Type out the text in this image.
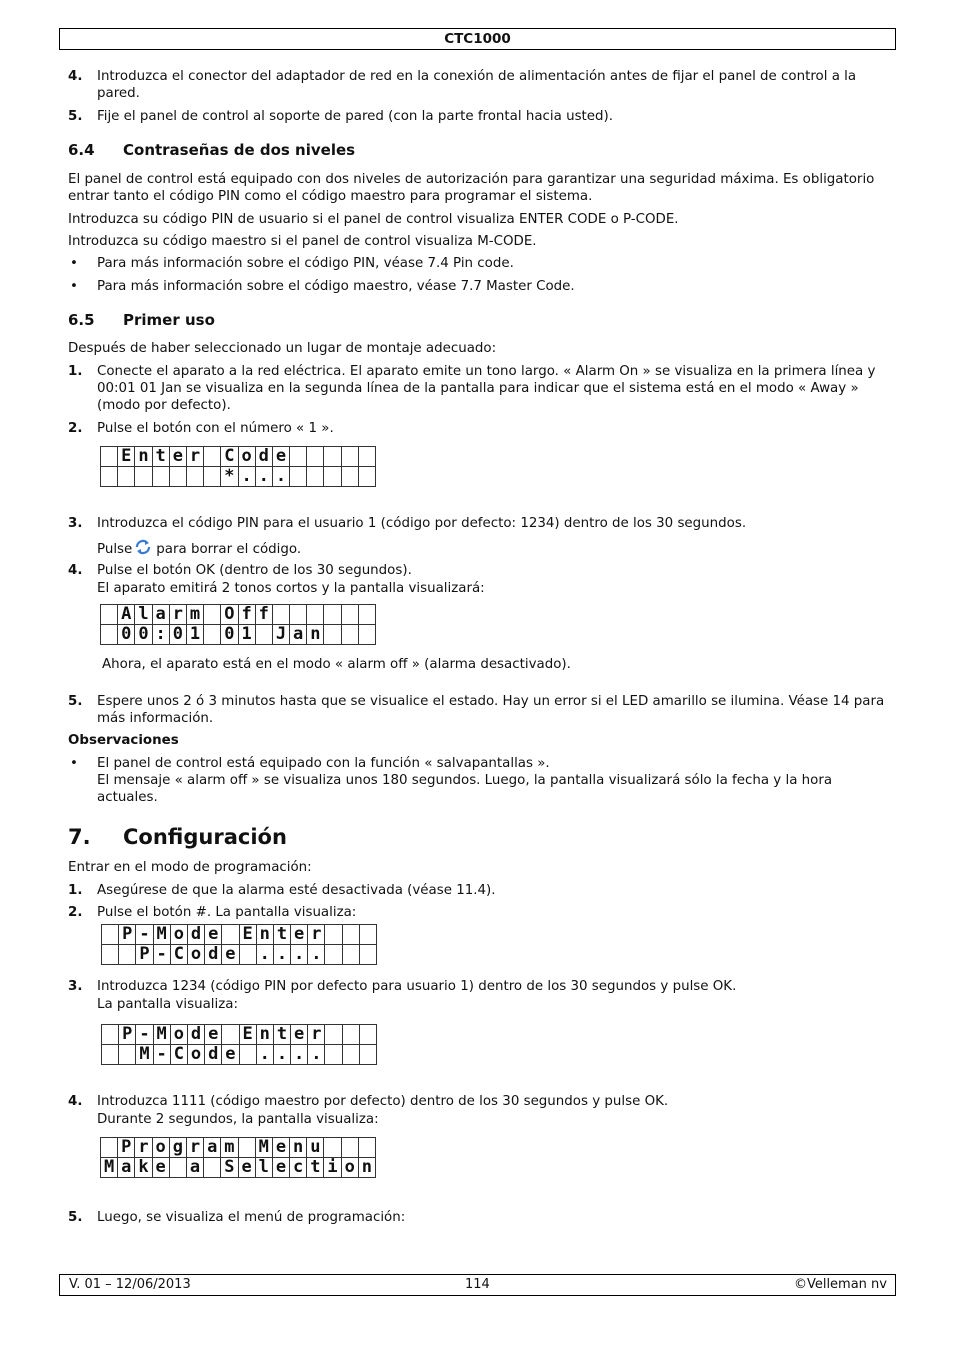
CTC1000
4. Introduzca el conector del adaptador de red en la conexión de alimentación antes de fijar el panel de control a la pared.
5. Fije el panel de control al soporte de pared (con la parte frontal hacia usted).
6.4 Contraseñas de dos niveles
El panel de control está equipado con dos niveles de autorización para garantizar una seguridad máxima. Es obligatorio entrar tanto el código PIN como el código maestro para programar el sistema.
Introduzca su código PIN de usuario si el panel de control visualiza ENTER CODE o P-CODE.
Introduzca su código maestro si el panel de control visualiza M-CODE.
• Para más información sobre el código PIN, véase 7.4 Pin code.
• Para más información sobre el código maestro, véase 7.7 Master Code.
6.5 Primer uso
Después de haber seleccionado un lugar de montaje adecuado:
1. Conecte el aparato a la red eléctrica. El aparato emite un tono largo. « Alarm On » se visualiza en la primera línea y 00:01 01 Jan se visualiza en la segunda línea de la pantalla para indicar que el sistema está en el modo « Away » (modo por defecto).
2. Pulse el botón con el número « 1 ».
	E	n	t	e	r		C	o	d	e					
							*	.	.	.					
3. Introduzca el código PIN para el usuario 1 (código por defecto: 1234) dentro de los 30 segundos.
Pulse para borrar el código.
4. Pulse el botón OK (dentro de los 30 segundos).
El aparato emitirá 2 tonos cortos y la pantalla visualizará:
	A	l	a	r	m		O	f	f						
	0	0	:	0	1		0	1		J	a	n			
Ahora, el aparato está en el modo « alarm off » (alarma desactivado).
5. Espere unos 2 ó 3 minutos hasta que se visualice el estado. Hay un error si el LED amarillo se ilumina. Véase 14 para más información.
Observaciones
• El panel de control está equipado con la función « salvapantallas ».
El mensaje « alarm off » se visualiza unos 180 segundos. Luego, la pantalla visualizará sólo la fecha y la hora actuales.
7. Configuración
Entrar en el modo de programación:
1. Asegúrese de que la alarma esté desactivada (véase 11.4).
2. Pulse el botón #. La pantalla visualiza:
	P	-	M	o	d	e		E	n	t	e	r			
		P	-	C	o	d	e		.	.	.	.			
3. Introduzca 1234 (código PIN por defecto para usuario 1) dentro de los 30 segundos y pulse OK.
La pantalla visualiza:
	P	-	M	o	d	e		E	n	t	e	r			
		M	-	C	o	d	e		.	.	.	.			
4. Introduzca 1111 (código maestro por defecto) dentro de los 30 segundos y pulse OK.
Durante 2 segundos, la pantalla visualiza:
	P	r	o	g	r	a	m		M	e	n	u			
M	a	k	e		a		S	e	l	e	c	t	i	o	n
5. Luego, se visualiza el menú de programación:
V. 01 – 12/06/2013	114	©Velleman nv
